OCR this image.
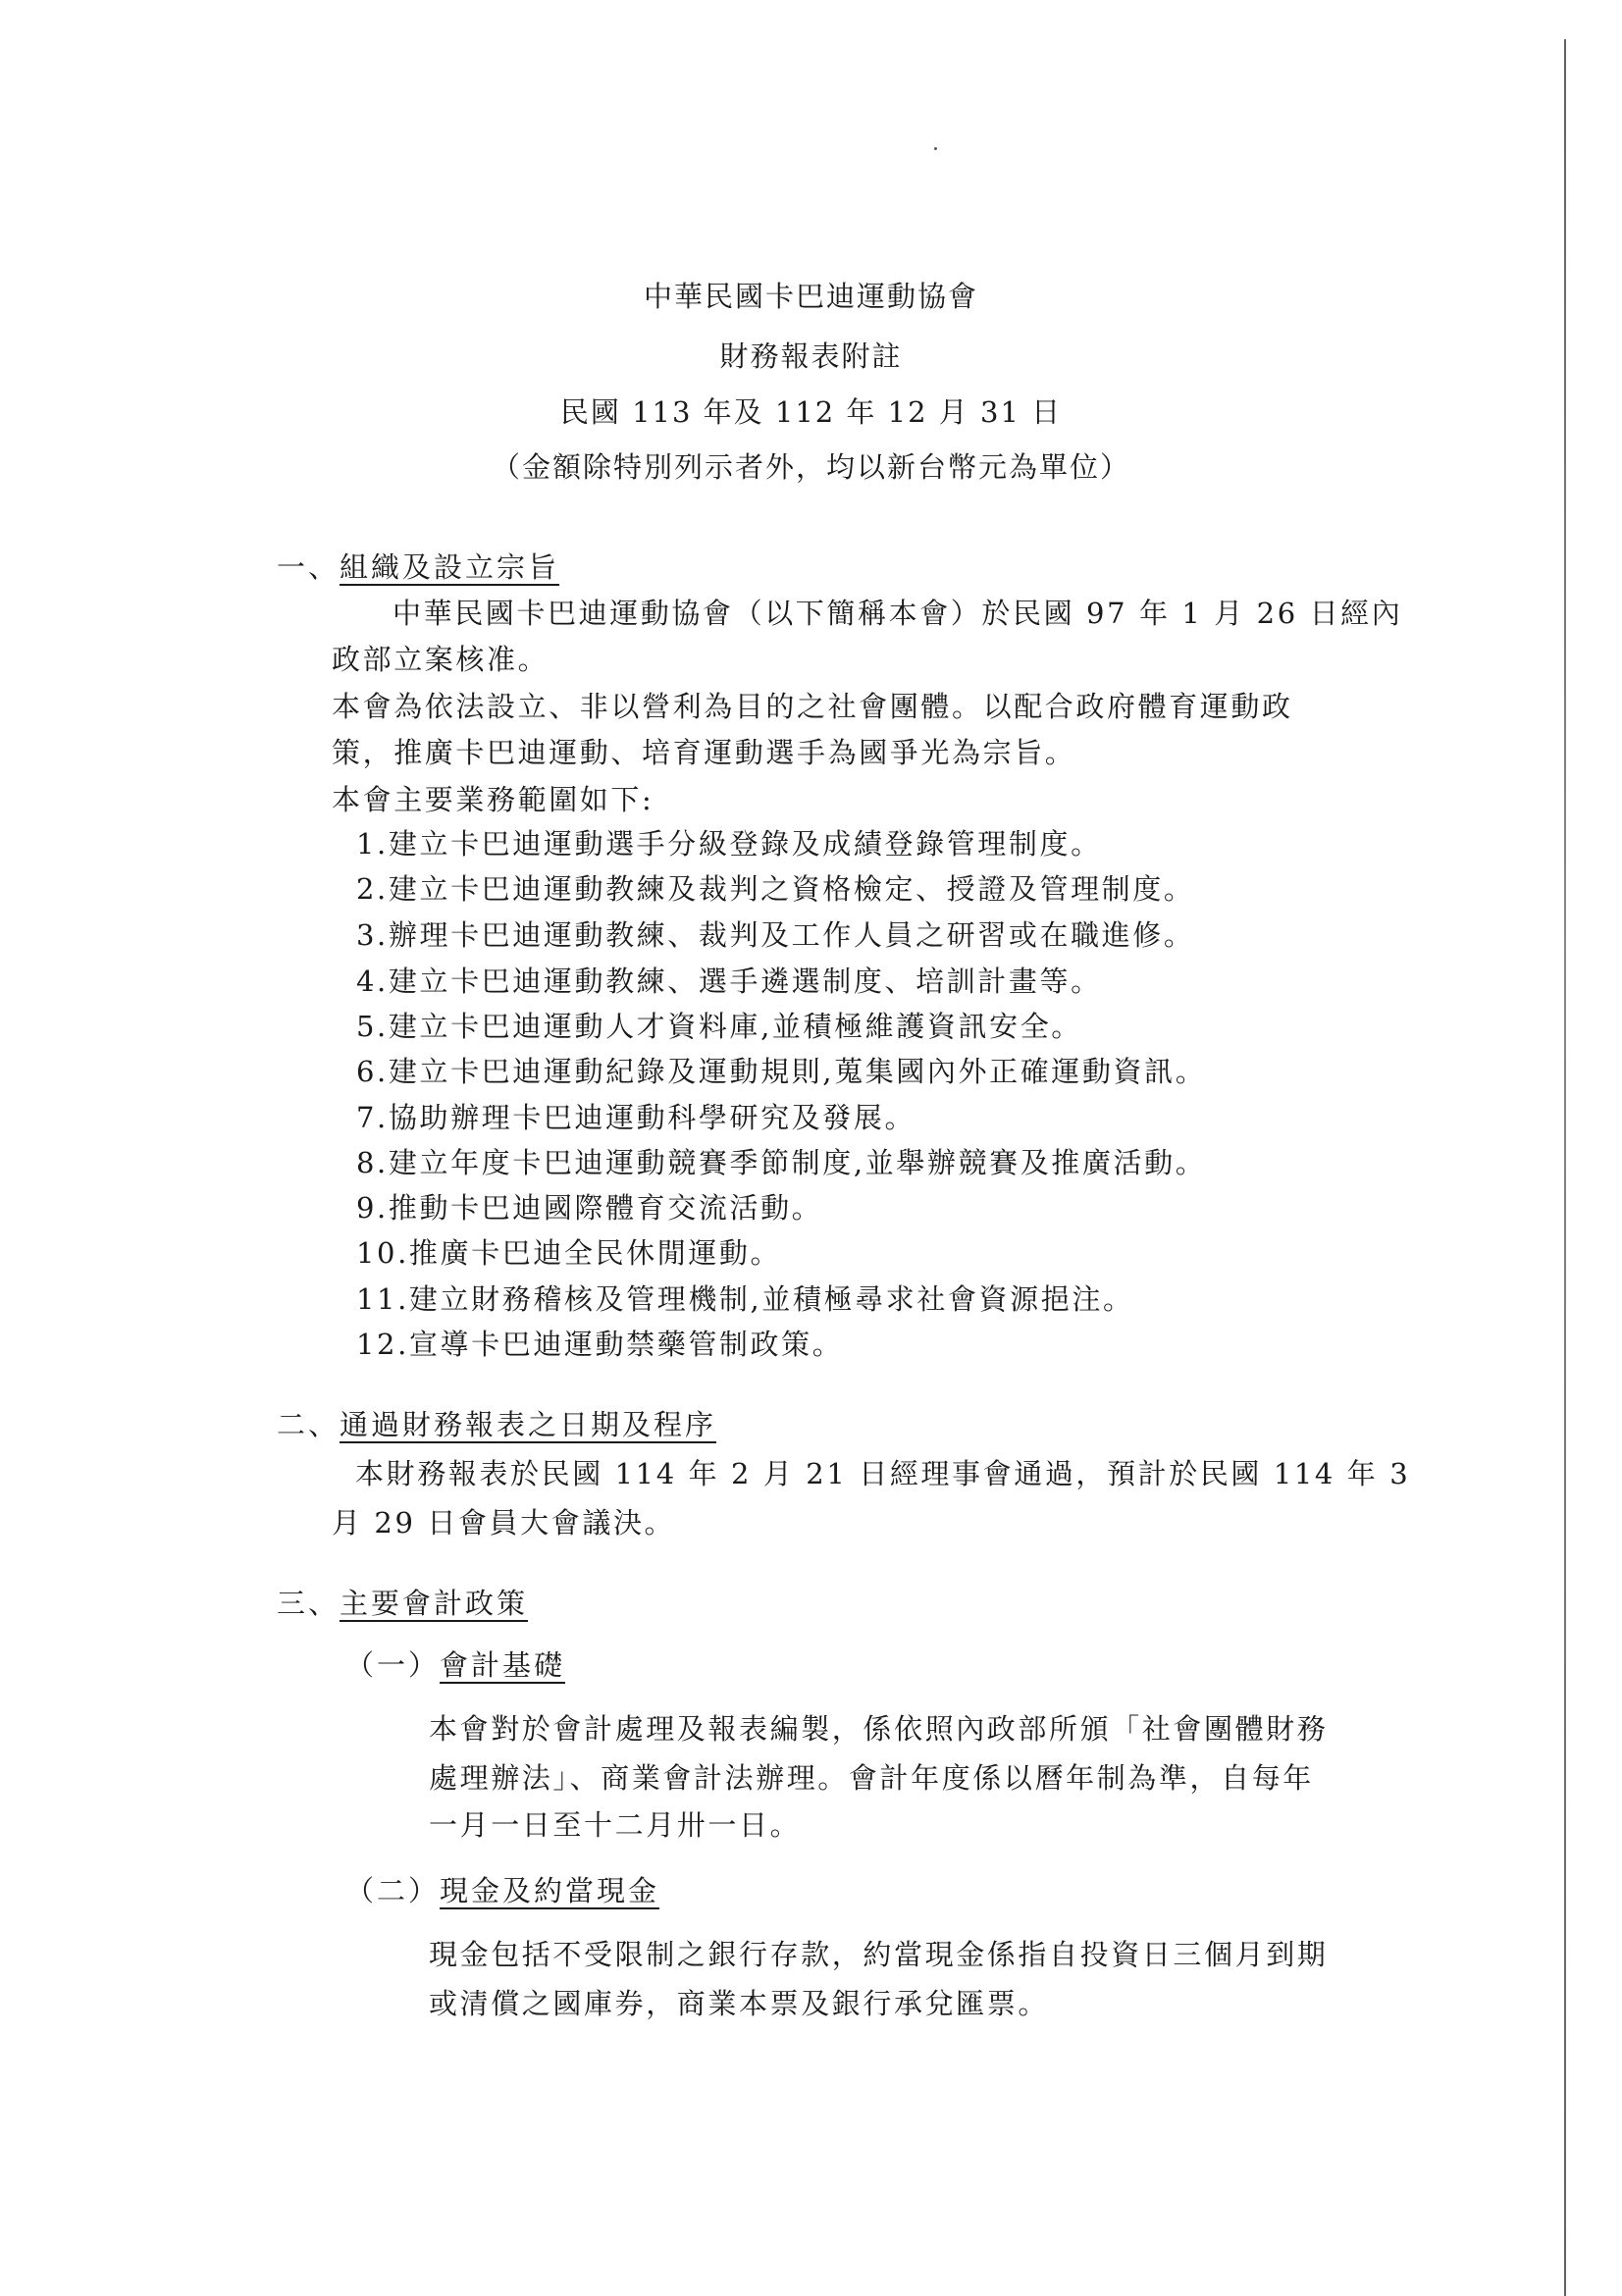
中華民國卡巴迪運動協會
財務報表附註
民國 113 年及 112 年 12 月 31 日
（金額除特別列示者外，均以新台幣元為單位）
一、組織及設立宗旨
中華民國卡巴迪運動協會（以下簡稱本會）於民國 97 年 1 月 26 日經內
政部立案核准。
本會為依法設立、非以營利為目的之社會團體。以配合政府體育運動政
策，推廣卡巴迪運動、培育運動選手為國爭光為宗旨。
本會主要業務範圍如下:
1.建立卡巴迪運動選手分級登錄及成績登錄管理制度。
2.建立卡巴迪運動教練及裁判之資格檢定、授證及管理制度。
3.辦理卡巴迪運動教練、裁判及工作人員之研習或在職進修。
4.建立卡巴迪運動教練、選手遴選制度、培訓計畫等。
5.建立卡巴迪運動人才資料庫,並積極維護資訊安全。
6.建立卡巴迪運動紀錄及運動規則,蒐集國內外正確運動資訊。
7.協助辦理卡巴迪運動科學研究及發展。
8.建立年度卡巴迪運動競賽季節制度,並舉辦競賽及推廣活動。
9.推動卡巴迪國際體育交流活動。
10.推廣卡巴迪全民休閒運動。
11.建立財務稽核及管理機制,並積極尋求社會資源挹注。
12.宣導卡巴迪運動禁藥管制政策。
二、通過財務報表之日期及程序
本財務報表於民國 114 年 2 月 21 日經理事會通過，預計於民國 114 年 3
月 29 日會員大會議決。
三、主要會計政策
（一）會計基礎
本會對於會計處理及報表編製，係依照內政部所頒「社會團體財務
處理辦法」、商業會計法辦理。會計年度係以曆年制為準，自每年
一月一日至十二月卅一日。
（二）現金及約當現金
現金包括不受限制之銀行存款，約當現金係指自投資日三個月到期
或清償之國庫券，商業本票及銀行承兌匯票。
